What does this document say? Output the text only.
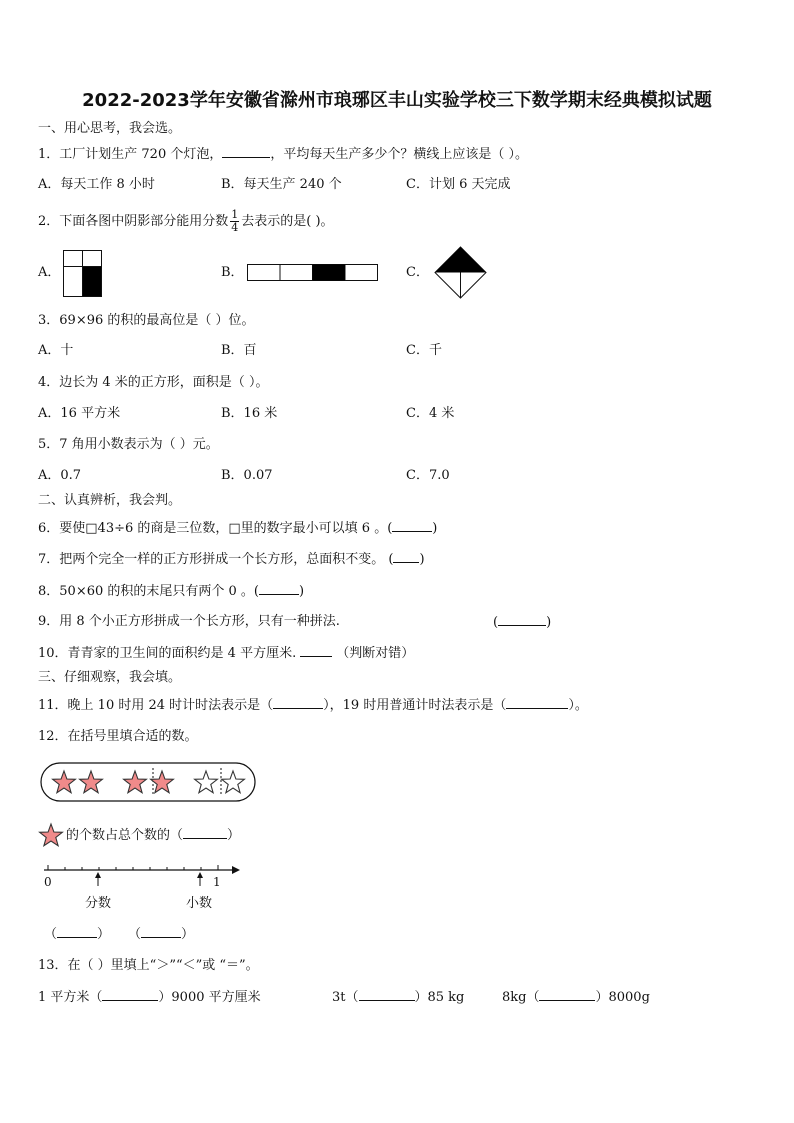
2022-2023学年安徽省滁州市琅琊区丰山实验学校三下数学期末经典模拟试题
一、用心思考，我会选。
1．工厂计划生产 720 个灯泡，	，平均每天生产多少个？横线上应该是（ ）。
A．每天工作 8 小时	B．每天生产 240 个	C．计划 6 天完成
2．下面各图中阴影部分能用分数 $\frac{1}{4}$ 去表示的是( )。
A．	B．	C．
3．69×96 的积的最高位是（ ）位。
A．十	B．百	C．千
4．边长为 4 米的正方形，面积是（ ）。
A．16 平方米	B．16 米	C．4 米
5．7 角用小数表示为（ ）元。
A．0.7	B．0.07	C．7.0
二、认真辨析，我会判。
6．要使□43÷6 的商是三位数，□里的数字最小可以填 6 。(	)
7．把两个完全一样的正方形拼成一个长方形，总面积不变。 ( )
8．50×60 的积的末尾只有两个 0 。(	)
9．用 8 个小正方形拼成一个长方形，只有一种拼法.	(	)
10．青青家的卫生间的面积约是 4 平方厘米.	（判断对错）
三、仔细观察，我会填。
11．晚上 10 时用 24 时计时法表示是（	），19 时用普通计时法表示是（	）。
12．在括号里填合适的数。
的个数占总个数的（	）
0	1
分数	小数
（	） （	）
13．在（ ）里填上“＞”“＜”或 “＝”。
1 平方米（	）9000 平方厘米	3t（	）85 kg	8kg（	）8000g
